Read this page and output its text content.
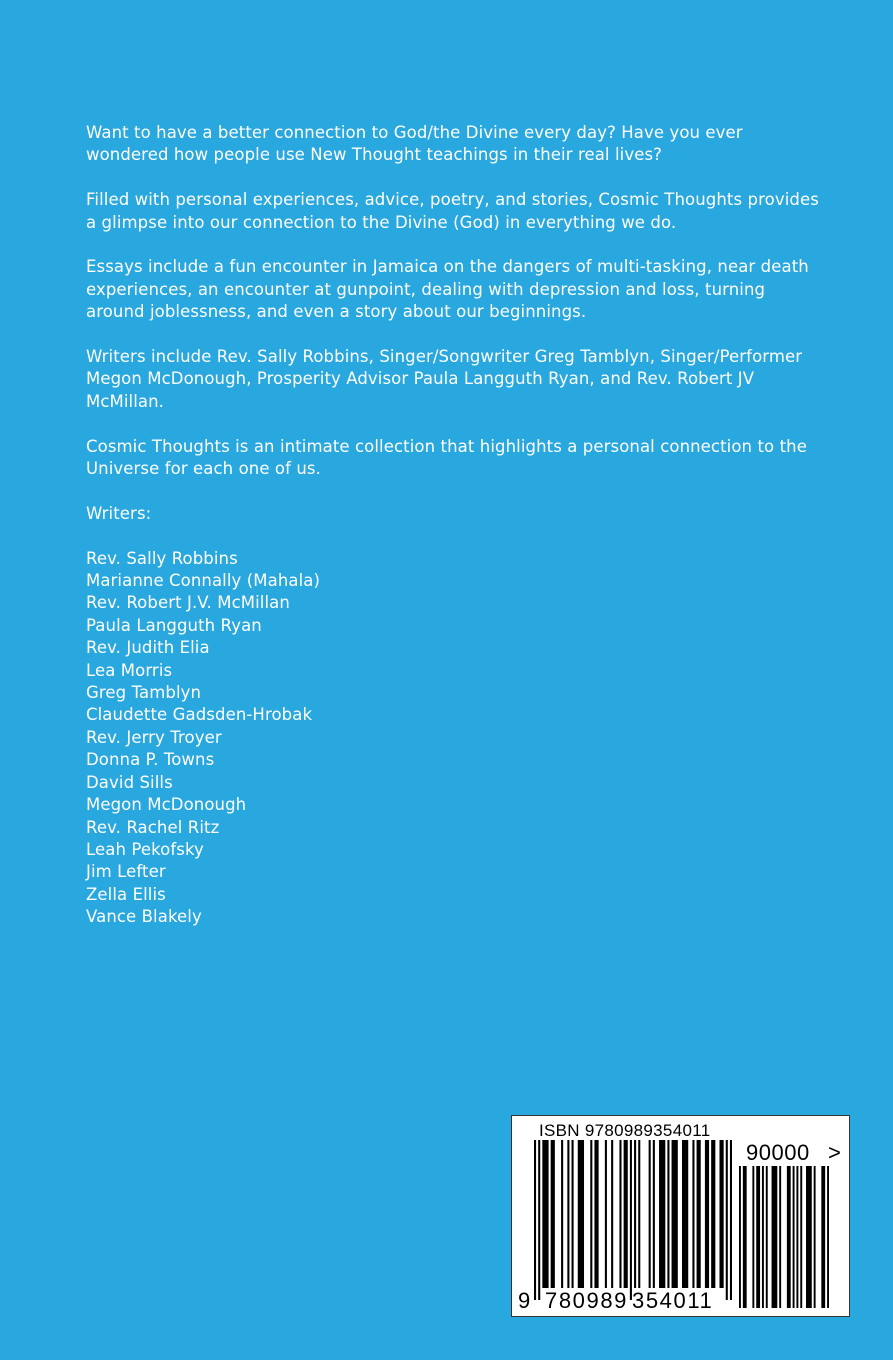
Want to have a better connection to God/the Divine every day? Have you ever wondered how people use New Thought teachings in their real lives?

Filled with personal experiences, advice, poetry, and stories, Cosmic Thoughts provides a glimpse into our connection to the Divine (God) in everything we do.

Essays include a fun encounter in Jamaica on the dangers of multi-tasking, near death experiences, an encounter at gunpoint, dealing with depression and loss, turning around joblessness, and even a story about our beginnings.

Writers include Rev. Sally Robbins, Singer/Songwriter Greg Tamblyn, Singer/Performer Megon McDonough, Prosperity Advisor Paula Langguth Ryan, and Rev. Robert JV McMillan.

Cosmic Thoughts is an intimate collection that highlights a personal connection to the Universe for each one of us.

Writers:

Rev. Sally Robbins
Marianne Connally (Mahala)
Rev. Robert J.V. McMillan
Paula Langguth Ryan
Rev. Judith Elia
Lea Morris
Greg Tamblyn
Claudette Gadsden-Hrobak
Rev. Jerry Troyer
Donna P. Towns
David Sills
Megon McDonough
Rev. Rachel Ritz
Leah Pekofsky
Jim Lefter
Zella Ellis
Vance Blakely
ISBN 9780989354011
90000 >
9 780989 354011
